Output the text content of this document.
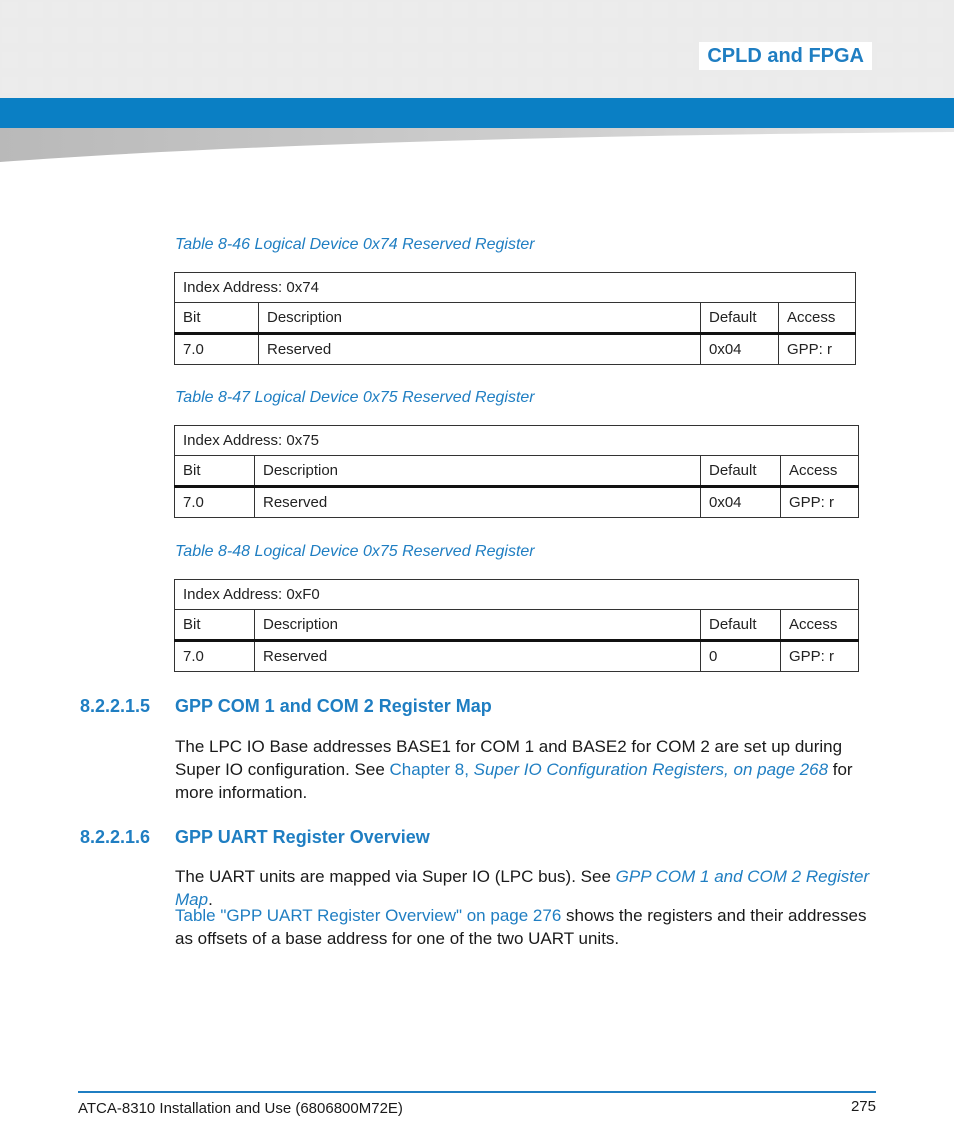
CPLD and FPGA
Table 8-46 Logical Device 0x74 Reserved Register
Index Address: 0x74			
Bit	Description	Default	Access
7.0	Reserved	0x04	GPP: r
Table 8-47 Logical Device 0x75 Reserved Register
Index Address: 0x75			
Bit	Description	Default	Access
7.0	Reserved	0x04	GPP: r
Table 8-48 Logical Device 0x75 Reserved Register
Index Address: 0xF0			
Bit	Description	Default	Access
7.0	Reserved	0	GPP: r
8.2.2.1.5 GPP COM 1 and COM 2 Register Map
The LPC IO Base addresses BASE1 for COM 1 and BASE2 for COM 2 are set up during Super IO configuration. See Chapter 8, Super IO Configuration Registers, on page 268 for more information.
8.2.2.1.6 GPP UART Register Overview
The UART units are mapped via Super IO (LPC bus). See GPP COM 1 and COM 2 Register Map.
Table "GPP UART Register Overview" on page 276 shows the registers and their addresses as offsets of a base address for one of the two UART units.
ATCA-8310 Installation and Use (6806800M72E)	275
